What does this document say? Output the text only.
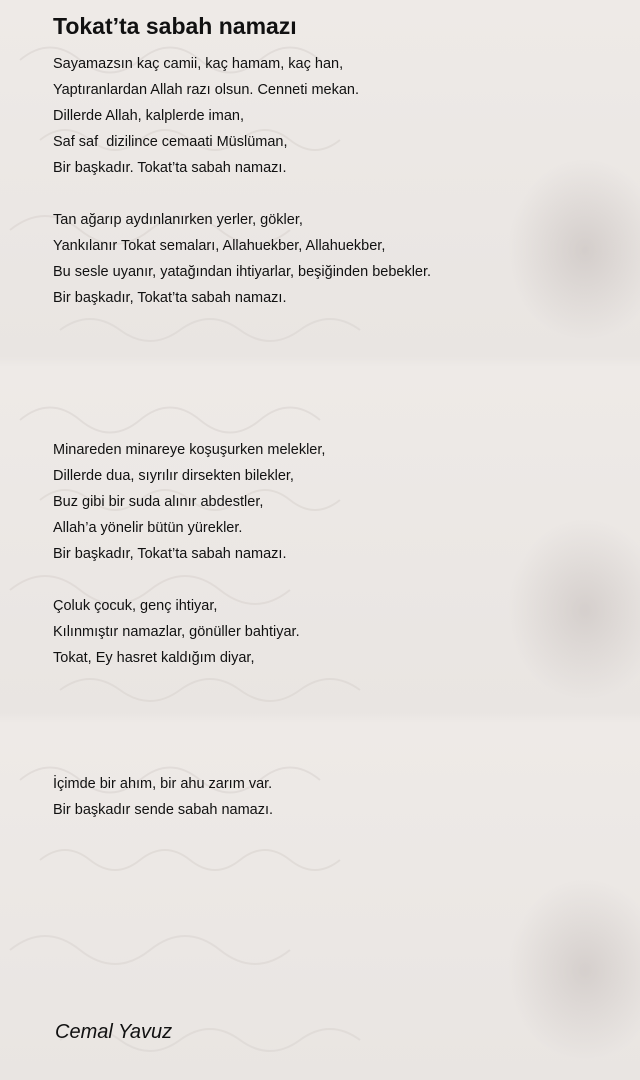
Tokat’ta sabah namazı
Sayamazsın kaç camii, kaç hamam, kaç han,
Yaptıranlardan Allah razı olsun. Cenneti mekan.
Dillerde Allah, kalplerde iman,
Saf saf  dizilince cemaati Müslüman,
Bir başkadır. Tokat’ta sabah namazı.
Tan ağarıp aydınlanırken yerler, gökler,
Yankılanır Tokat semaları, Allahuekber, Allahuekber,
Bu sesle uyanır, yatağından ihtiyarlar, beşiğinden bebekler.
Bir başkadır, Tokat’ta sabah namazı.
Minareden minareye koşuşurken melekler,
Dillerde dua, sıyrılır dirsekten bilekler,
Buz gibi bir suda alınır abdestler,
Allah’a yönelir bütün yürekler.
Bir başkadır, Tokat’ta sabah namazı.
Çoluk çocuk, genç ihtiyar,
Kılınmıştır namazlar, gönüller bahtiyar.
Tokat, Ey hasret kaldığım diyar,
İçimde bir ahım, bir ahu zarım var.
Bir başkadır sende sabah namazı.
Cemal Yavuz
